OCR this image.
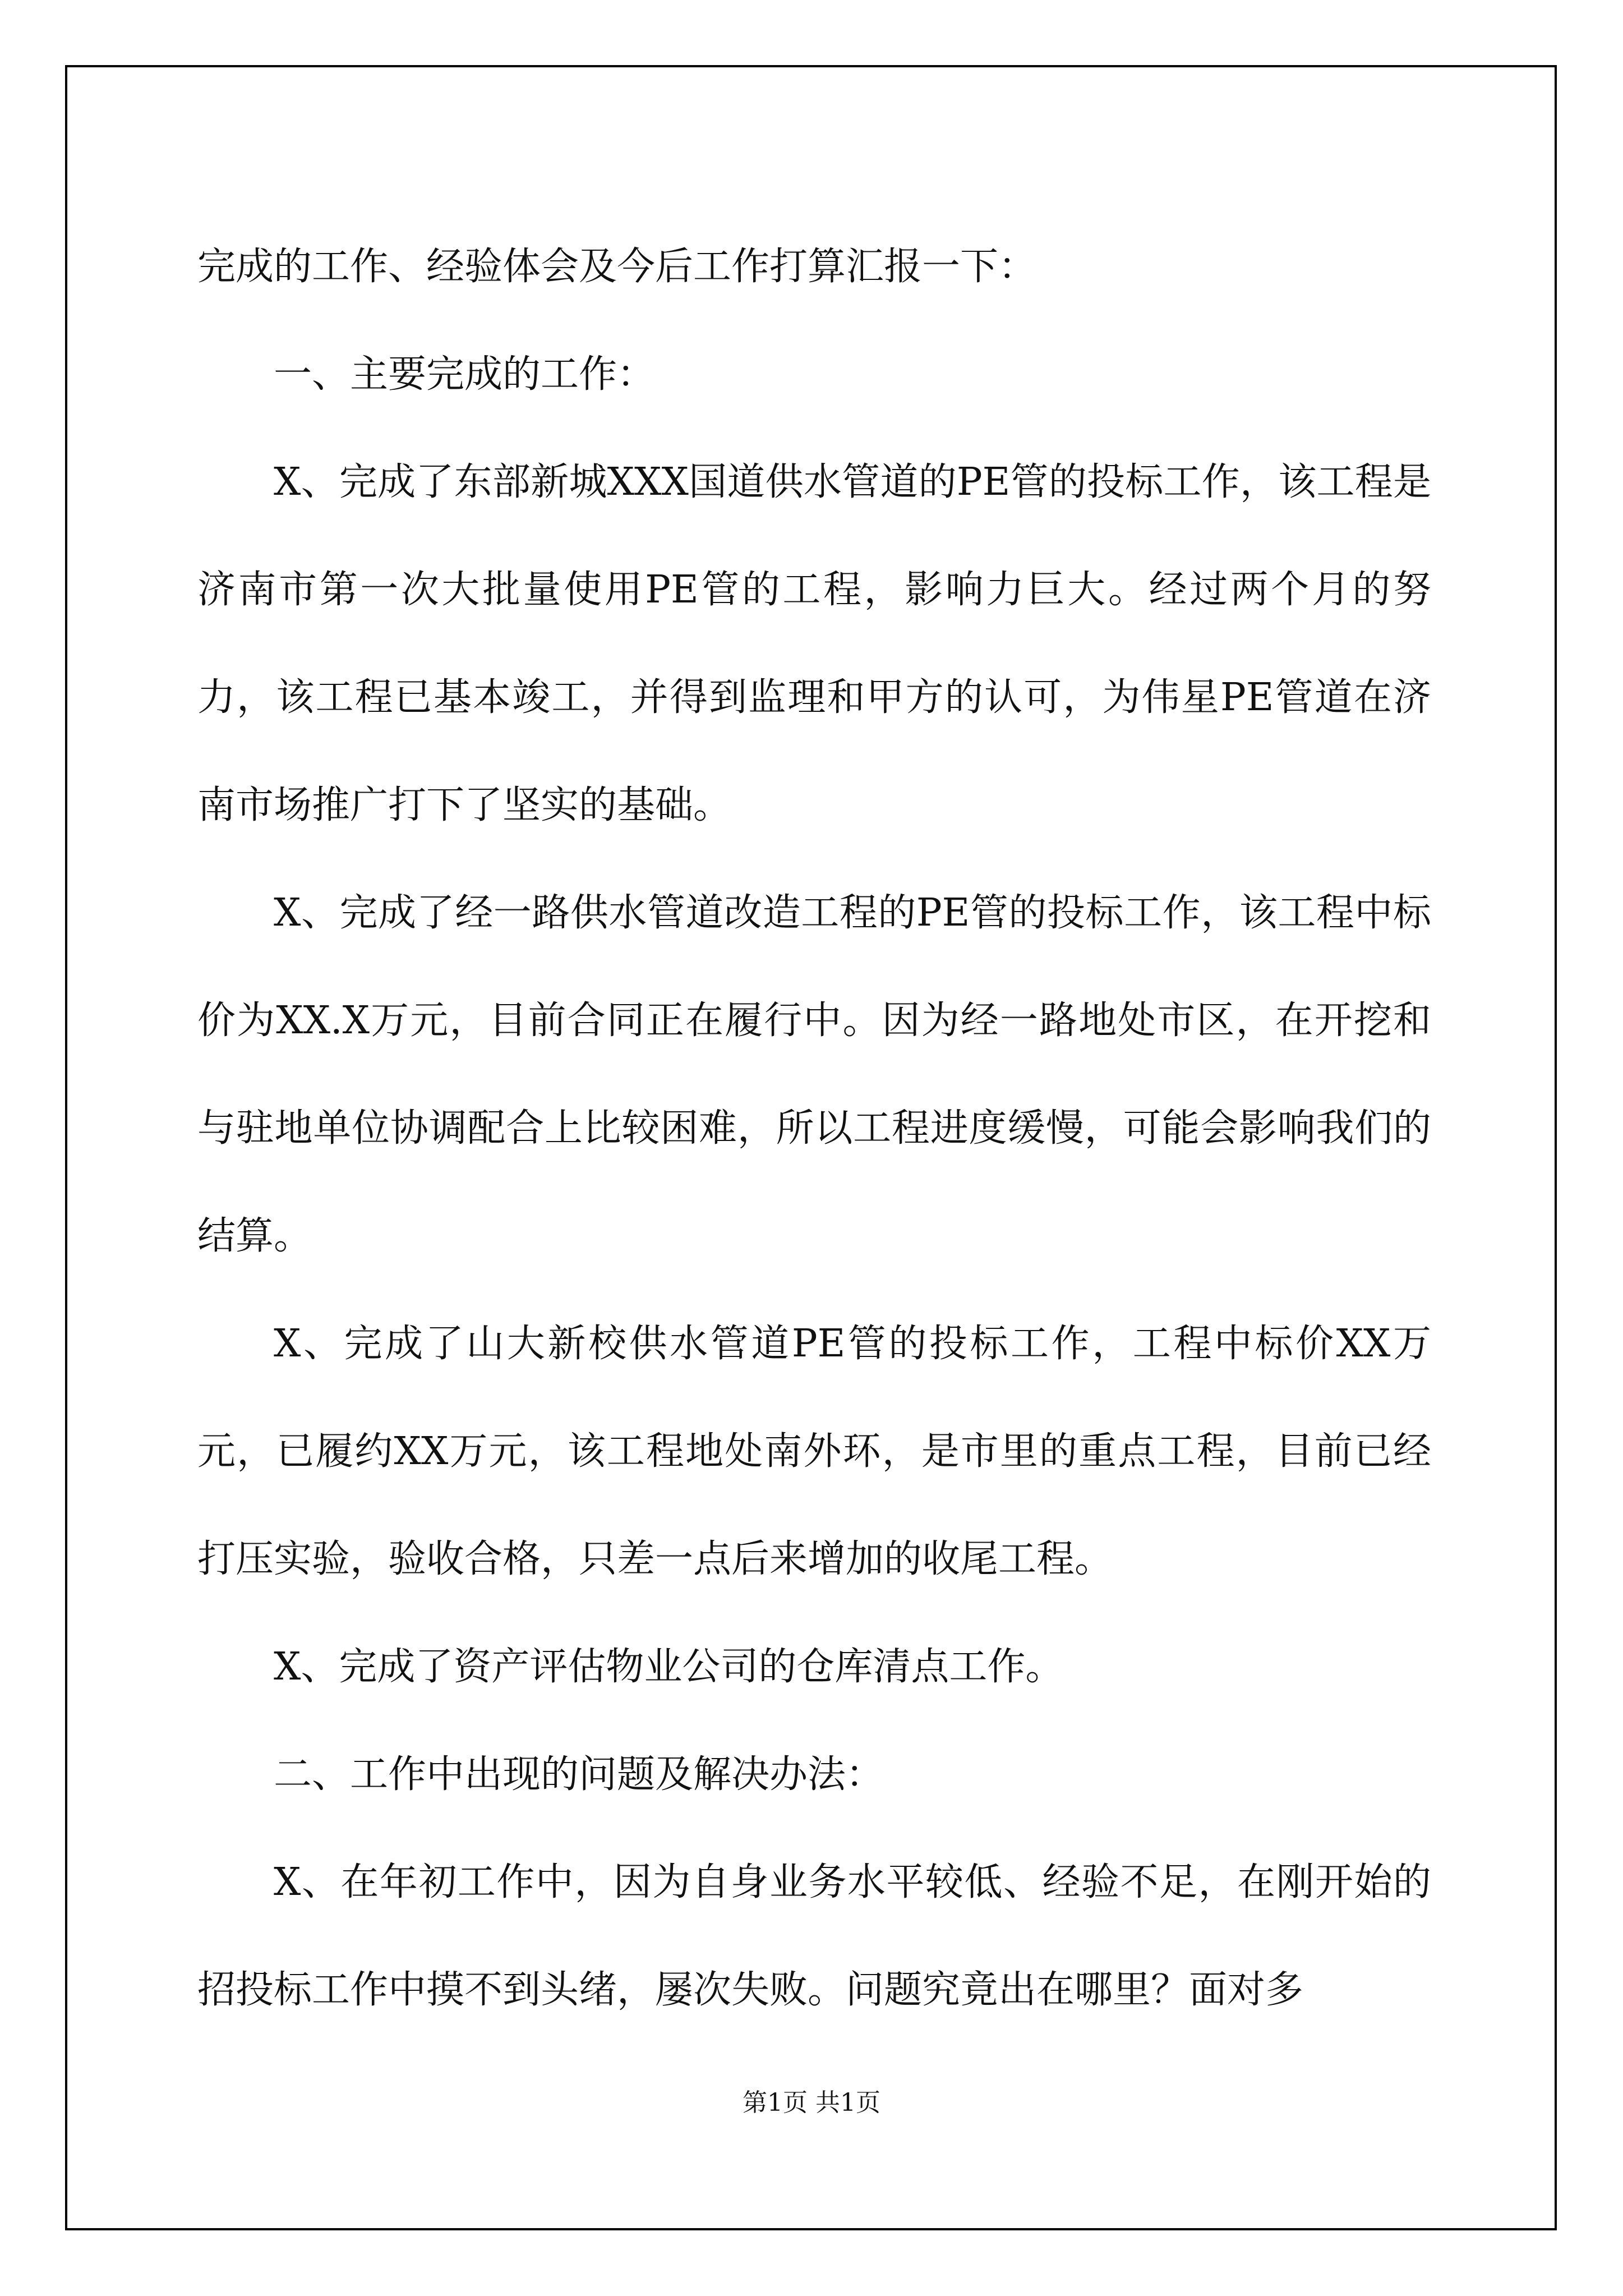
完成的工作、经验体会及今后工作打算汇报一下：

一、主要完成的工作：

X、完成了东部新城XXX国道供水管道的PE管的投标工作，该工程是济南市第一次大批量使用PE管的工程，影响力巨大。经过两个月的努力，该工程已基本竣工，并得到监理和甲方的认可，为伟星PE管道在济南市场推广打下了坚实的基础。

X、完成了经一路供水管道改造工程的PE管的投标工作，该工程中标价为XX.X万元，目前合同正在履行中。因为经一路地处市区，在开挖和与驻地单位协调配合上比较困难，所以工程进度缓慢，可能会影响我们的结算。

X、完成了山大新校供水管道PE管的投标工作，工程中标价XX万元，已履约XX万元，该工程地处南外环，是市里的重点工程，目前已经打压实验，验收合格，只差一点后来增加的收尾工程。

X、完成了资产评估物业公司的仓库清点工作。

二、工作中出现的问题及解决办法：

X、在年初工作中，因为自身业务水平较低、经验不足，在刚开始的招投标工作中摸不到头绪，屡次失败。问题究竟出在哪里？面对多

第1页 共1页
